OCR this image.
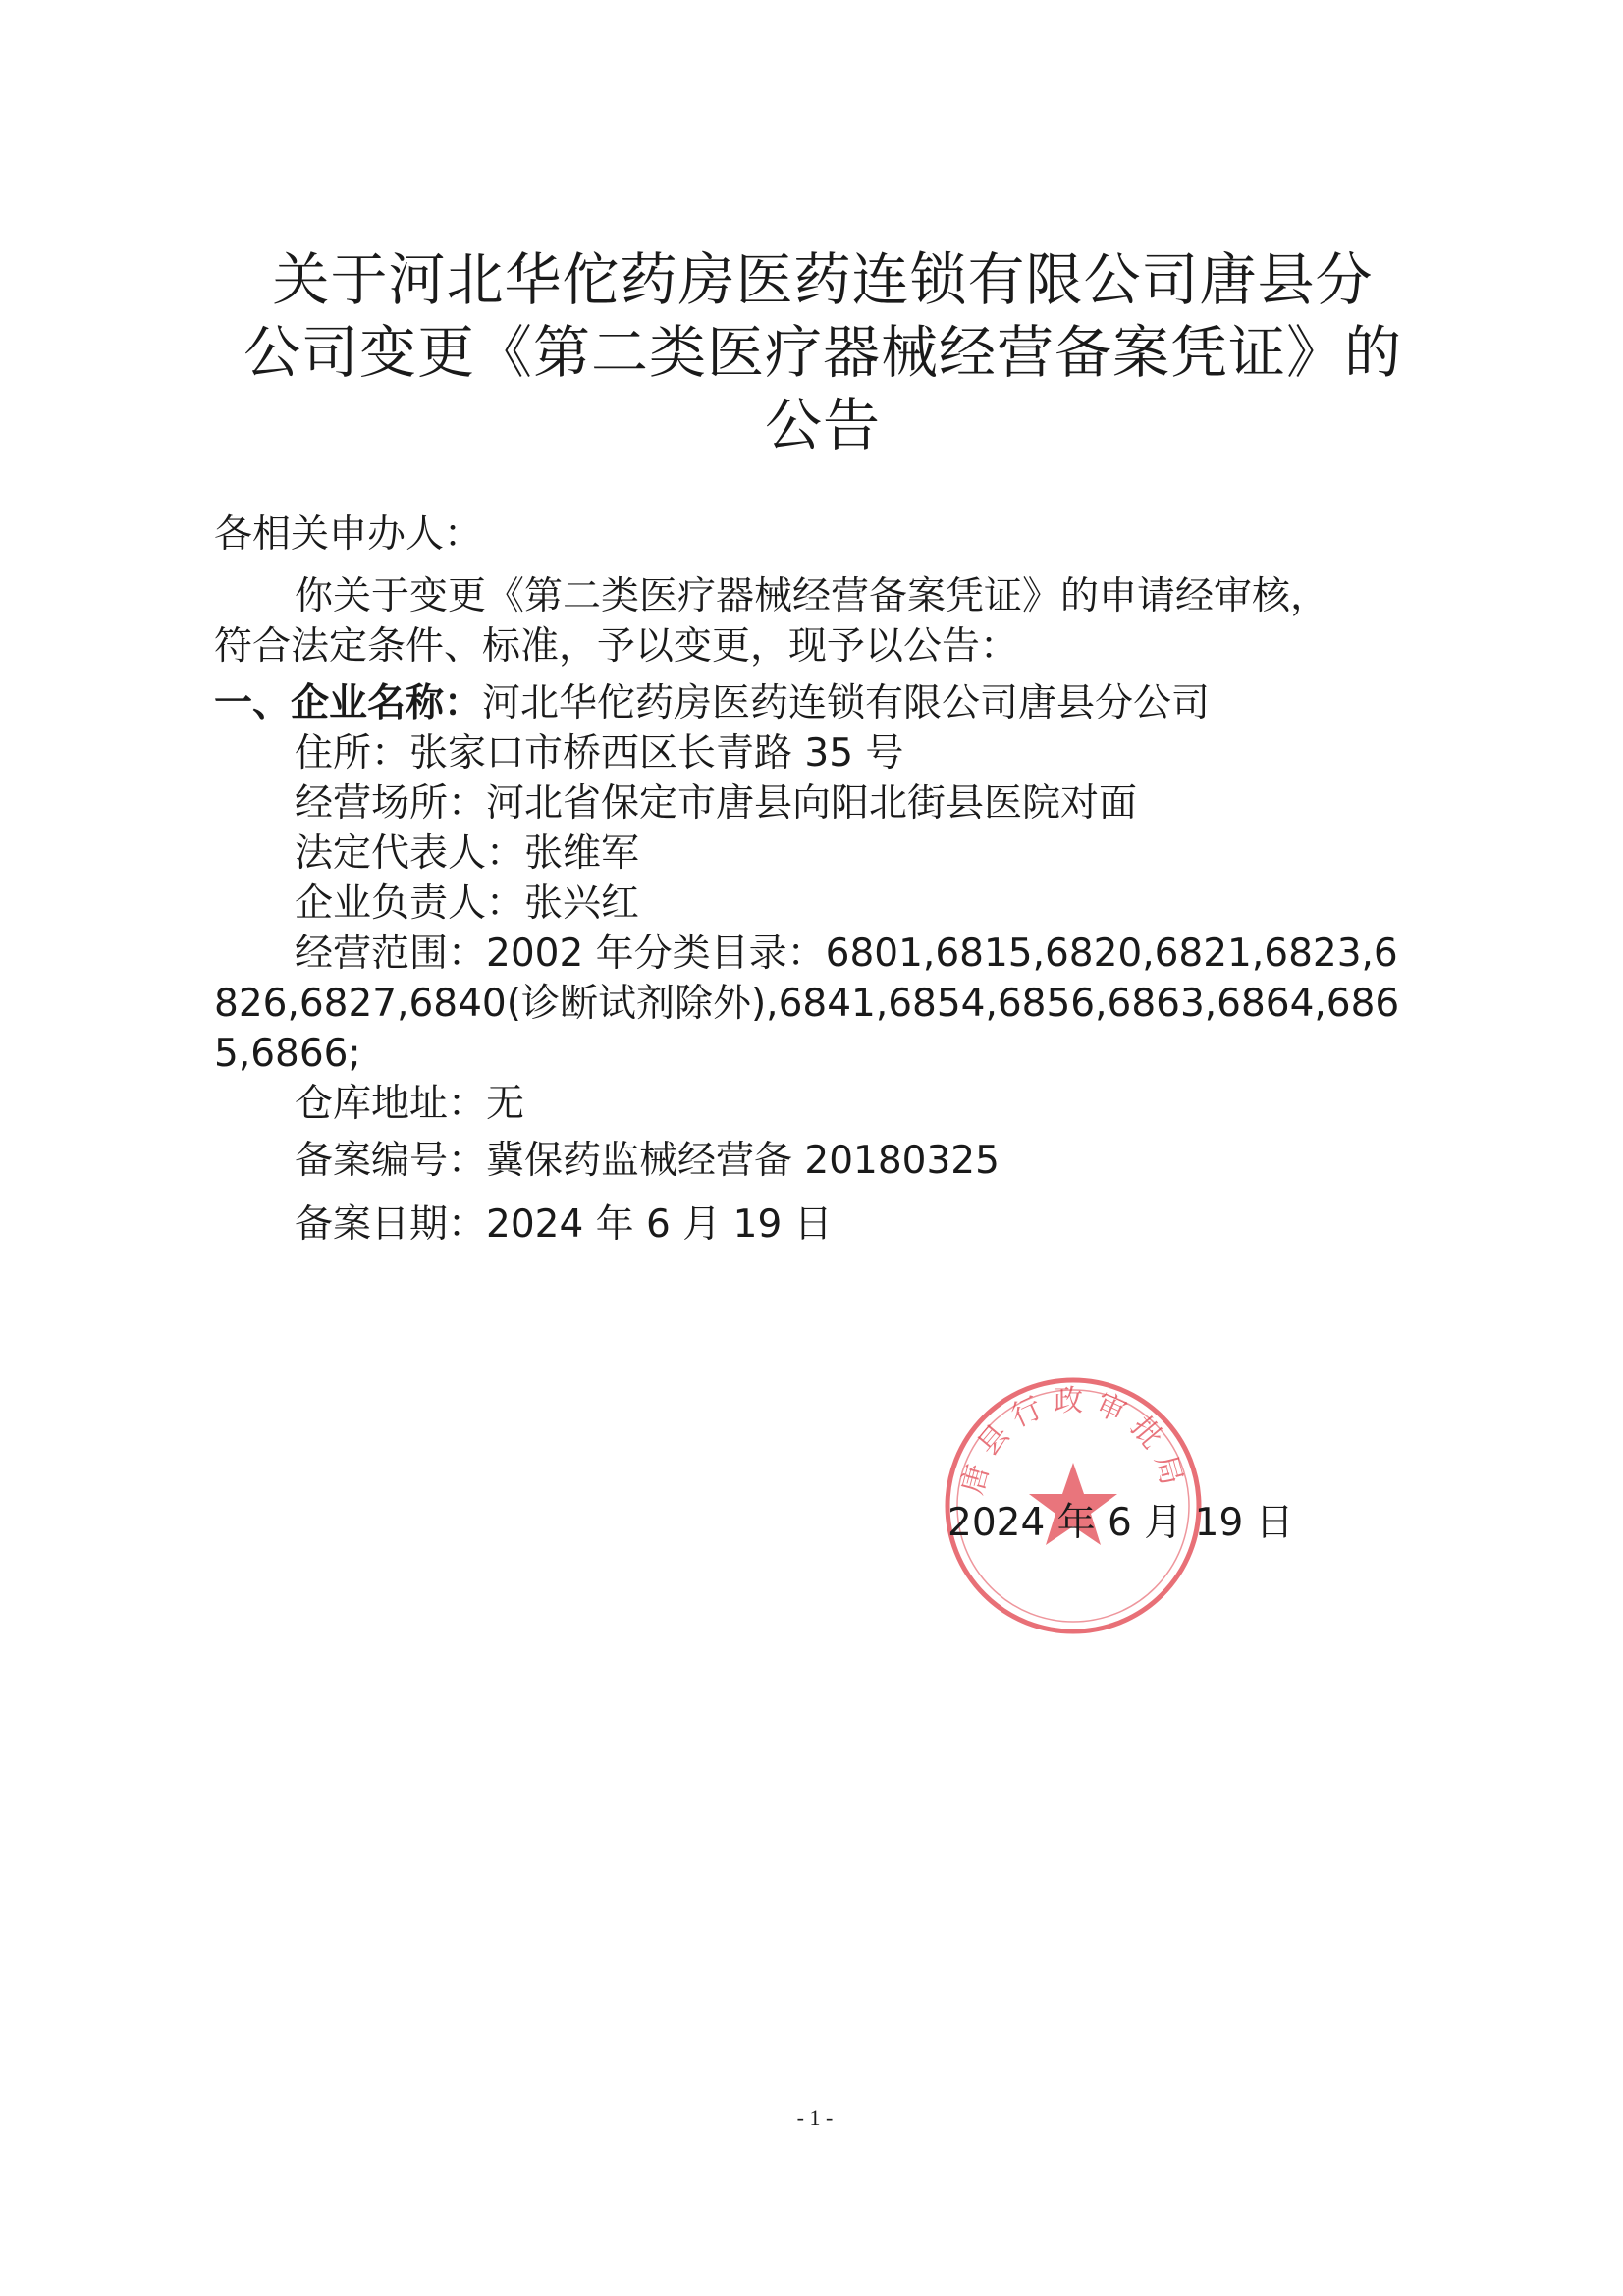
关于河北华佗药房医药连锁有限公司唐县分
公司变更《第二类医疗器械经营备案凭证》的
公告
各相关申办人：
你关于变更《第二类医疗器械经营备案凭证》的申请经审核，
符合法定条件、标准，予以变更，现予以公告：
一、企业名称：河北华佗药房医药连锁有限公司唐县分公司
住所：张家口市桥西区长青路 35 号
经营场所：河北省保定市唐县向阳北街县医院对面
法定代表人：张维军
企业负责人：张兴红
经营范围：2002 年分类目录：6801,6815,6820,6821,6823,6
826,6827,6840(诊断试剂除外),6841,6854,6856,6863,6864,686
5,6866;
仓库地址：无
备案编号：冀保药监械经营备 20180325
备案日期：2024 年 6 月 19 日
唐县行政审批局
2024 年 6 月 19 日
- 1 -
